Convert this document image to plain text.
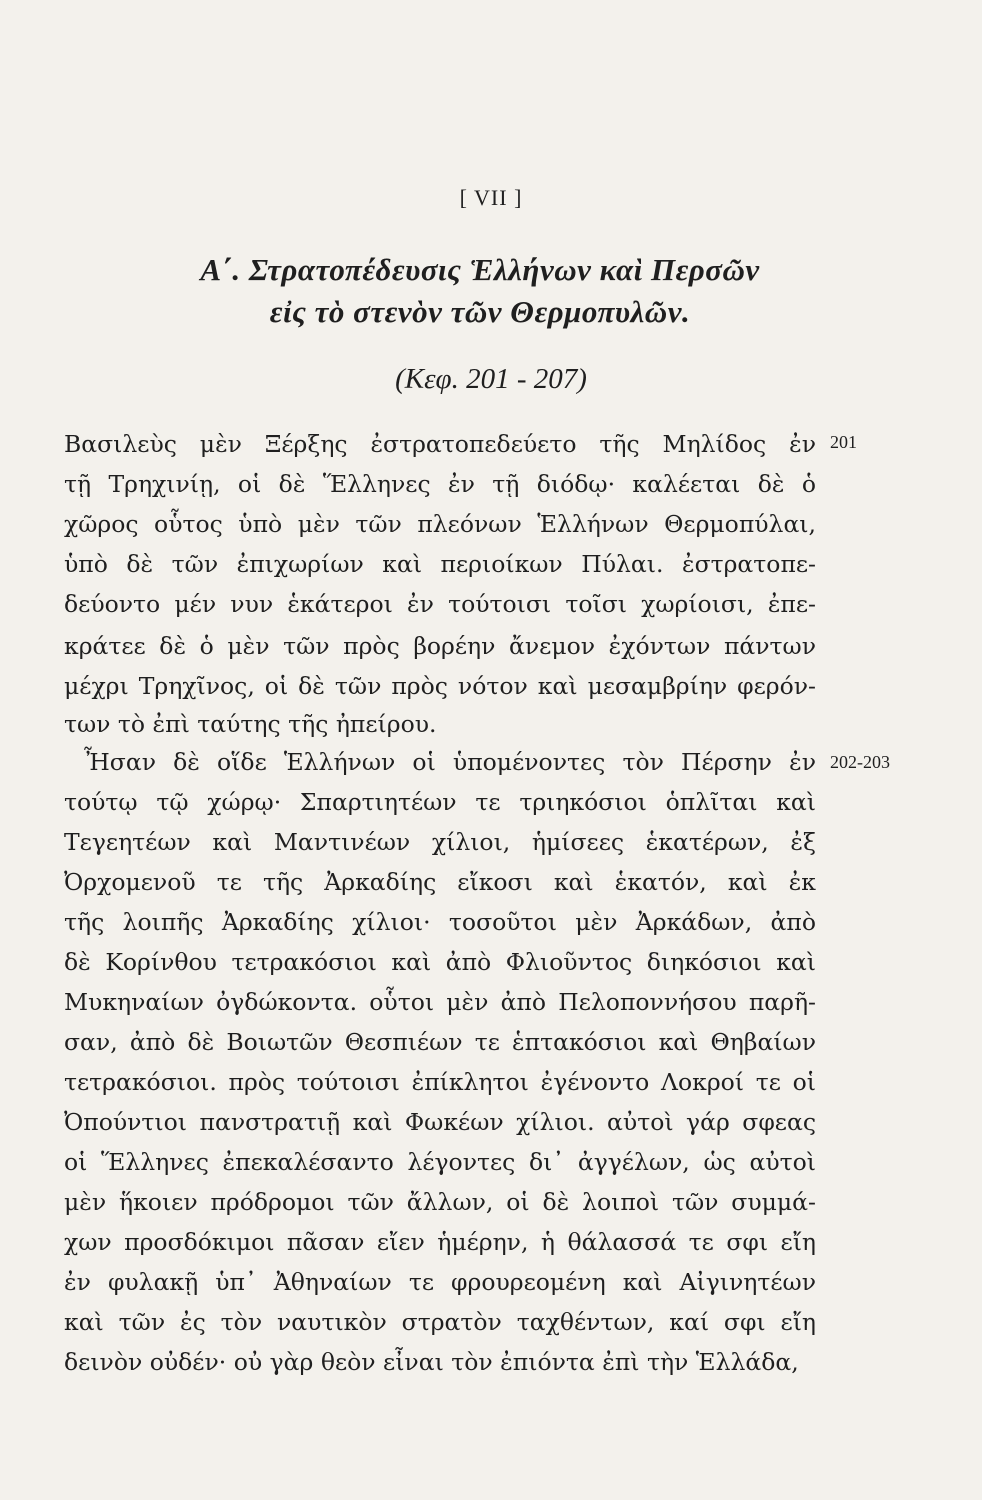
[ VII ]
Α΄. Στρατοπέδευσις Ἑλλήνων καὶ Περσῶν
εἰς τὸ στενὸν τῶν Θερμοπυλῶν.
(Κεφ. 201 - 207)
201
202-203
Βασιλεὺς μὲν Ξέρξης ἐστρατοπεδεύετο τῆς Μηλίδος ἐν
τῇ Τρηχινίῃ, οἱ δὲ Ἕλληνες ἐν τῇ διόδῳ· καλέεται δὲ ὁ
χῶρος οὗτος ὑπὸ μὲν τῶν πλεόνων Ἑλλήνων Θερμοπύλαι,
ὑπὸ δὲ τῶν ἐπιχωρίων καὶ περιοίκων Πύλαι. ἐστρατοπε-
δεύοντο μέν νυν ἑκάτεροι ἐν τούτοισι τοῖσι χωρίοισι, ἐπε-
κράτεε δὲ ὁ μὲν τῶν πρὸς βορέην ἄνεμον ἐχόντων πάντων
μέχρι Τρηχῖνος, οἱ δὲ τῶν πρὸς νότον καὶ μεσαμβρίην φερόν-
των τὸ ἐπὶ ταύτης τῆς ἠπείρου.
Ἦσαν δὲ οἵδε Ἑλλήνων οἱ ὑπομένοντες τὸν Πέρσην ἐν
τούτῳ τῷ χώρῳ· Σπαρτιητέων τε τριηκόσιοι ὁπλῖται καὶ
Τεγεητέων καὶ Μαντινέων χίλιοι, ἡμίσεες ἑκατέρων, ἐξ
Ὀρχομενοῦ τε τῆς Ἀρκαδίης εἴκοσι καὶ ἑκατόν, καὶ ἐκ
τῆς λοιπῆς Ἀρκαδίης χίλιοι· τοσοῦτοι μὲν Ἀρκάδων, ἀπὸ
δὲ Κορίνθου τετρακόσιοι καὶ ἀπὸ Φλιοῦντος διηκόσιοι καὶ
Μυκηναίων ὀγδώκοντα. οὗτοι μὲν ἀπὸ Πελοποννήσου παρῆ-
σαν, ἀπὸ δὲ Βοιωτῶν Θεσπιέων τε ἑπτακόσιοι καὶ Θηβαίων
τετρακόσιοι. πρὸς τούτοισι ἐπίκλητοι ἐγένοντο Λοκροί τε οἱ
Ὀπούντιοι πανστρατιῇ καὶ Φωκέων χίλιοι. αὐτοὶ γάρ σφεας
οἱ Ἕλληνες ἐπεκαλέσαντο λέγοντες δι᾽ ἀγγέλων, ὡς αὐτοὶ
μὲν ἥκοιεν πρόδρομοι τῶν ἄλλων, οἱ δὲ λοιποὶ τῶν συμμά-
χων προσδόκιμοι πᾶσαν εἴεν ἡμέρην, ἡ θάλασσά τε σφι εἴη
ἐν φυλακῇ ὑπ᾽ Ἀθηναίων τε φρουρεομένη καὶ Αἰγινητέων
καὶ τῶν ἐς τὸν ναυτικὸν στρατὸν ταχθέντων, καί σφι εἴη
δεινὸν οὐδέν· οὐ γὰρ θεὸν εἶναι τὸν ἐπιόντα ἐπὶ τὴν Ἑλλάδα,
